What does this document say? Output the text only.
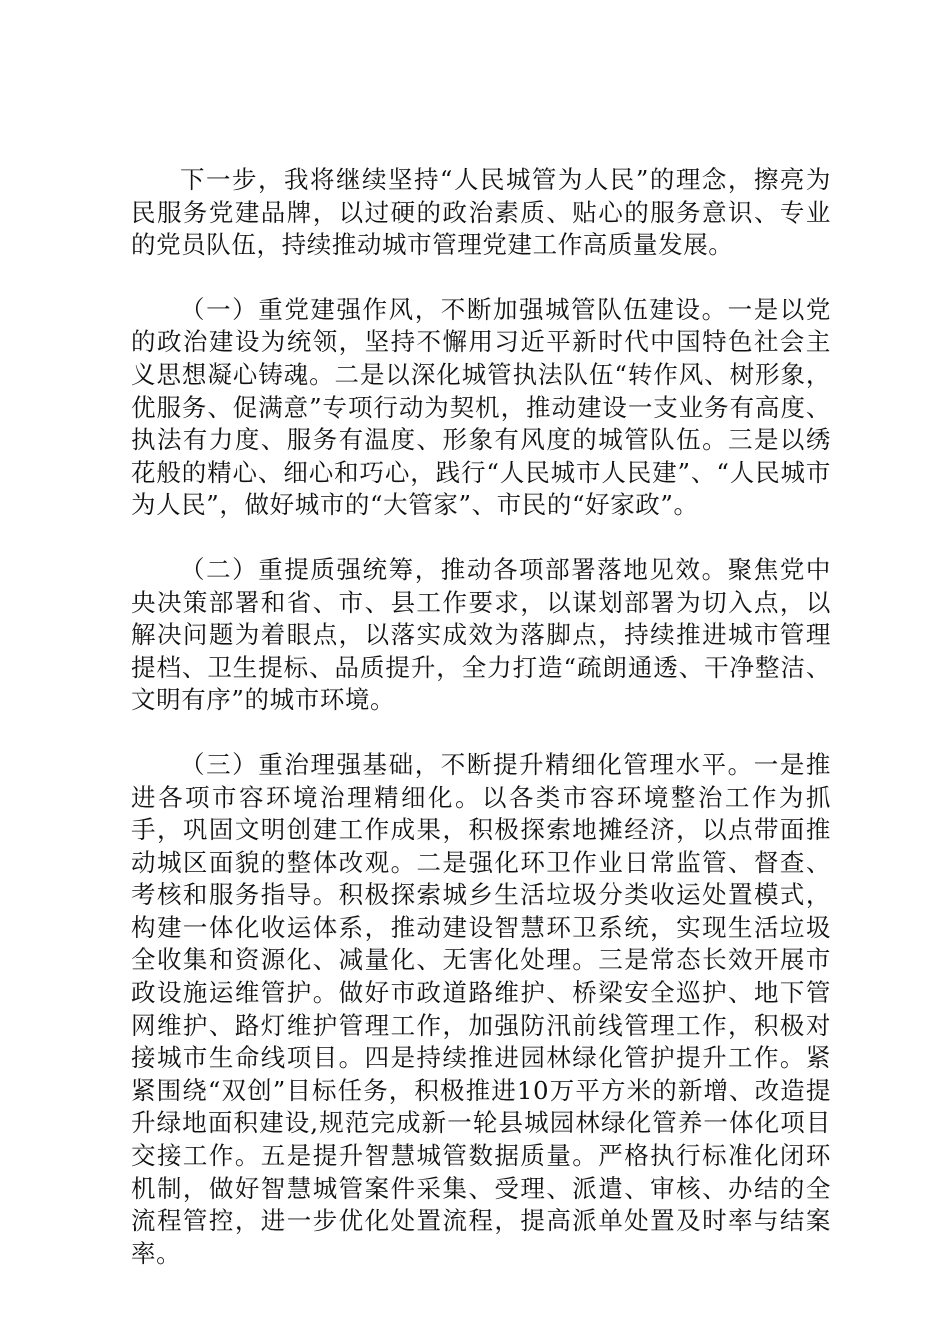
下一步，我将继续坚持“人民城管为人民”的理念，擦亮为民服务党建品牌，以过硬的政治素质、贴心的服务意识、专业的党员队伍，持续推动城市管理党建工作高质量发展。

（一）重党建强作风，不断加强城管队伍建设。一是以党的政治建设为统领，坚持不懈用习近平新时代中国特色社会主义思想凝心铸魂。二是以深化城管执法队伍“转作风、树形象，优服务、促满意”专项行动为契机，推动建设一支业务有高度、执法有力度、服务有温度、形象有风度的城管队伍。三是以绣花般的精心、细心和巧心，践行“人民城市人民建”、“人民城市为人民”，做好城市的“大管家”、市民的“好家政”。

（二）重提质强统筹，推动各项部署落地见效。聚焦党中央决策部署和省、市、县工作要求，以谋划部署为切入点，以解决问题为着眼点，以落实成效为落脚点，持续推进城市管理提档、卫生提标、品质提升，全力打造“疏朗通透、干净整洁、文明有序”的城市环境。

（三）重治理强基础，不断提升精细化管理水平。一是推进各项市容环境治理精细化。以各类市容环境整治工作为抓手，巩固文明创建工作成果，积极探索地摊经济，以点带面推动城区面貌的整体改观。二是强化环卫作业日常监管、督查、考核和服务指导。积极探索城乡生活垃圾分类收运处置模式，构建一体化收运体系，推动建设智慧环卫系统，实现生活垃圾全收集和资源化、减量化、无害化处理。三是常态长效开展市政设施运维管护。做好市政道路维护、桥梁安全巡护、地下管网维护、路灯维护管理工作，加强防汛前线管理工作，积极对接城市生命线项目。四是持续推进园林绿化管护提升工作。紧紧围绕“双创”目标任务，积极推进10万平方米的新增、改造提升绿地面积建设,规范完成新一轮县城园林绿化管养一体化项目交接工作。五是提升智慧城管数据质量。严格执行标准化闭环机制，做好智慧城管案件采集、受理、派遣、审核、办结的全流程管控，进一步优化处置流程，提高派单处置及时率与结案率。
